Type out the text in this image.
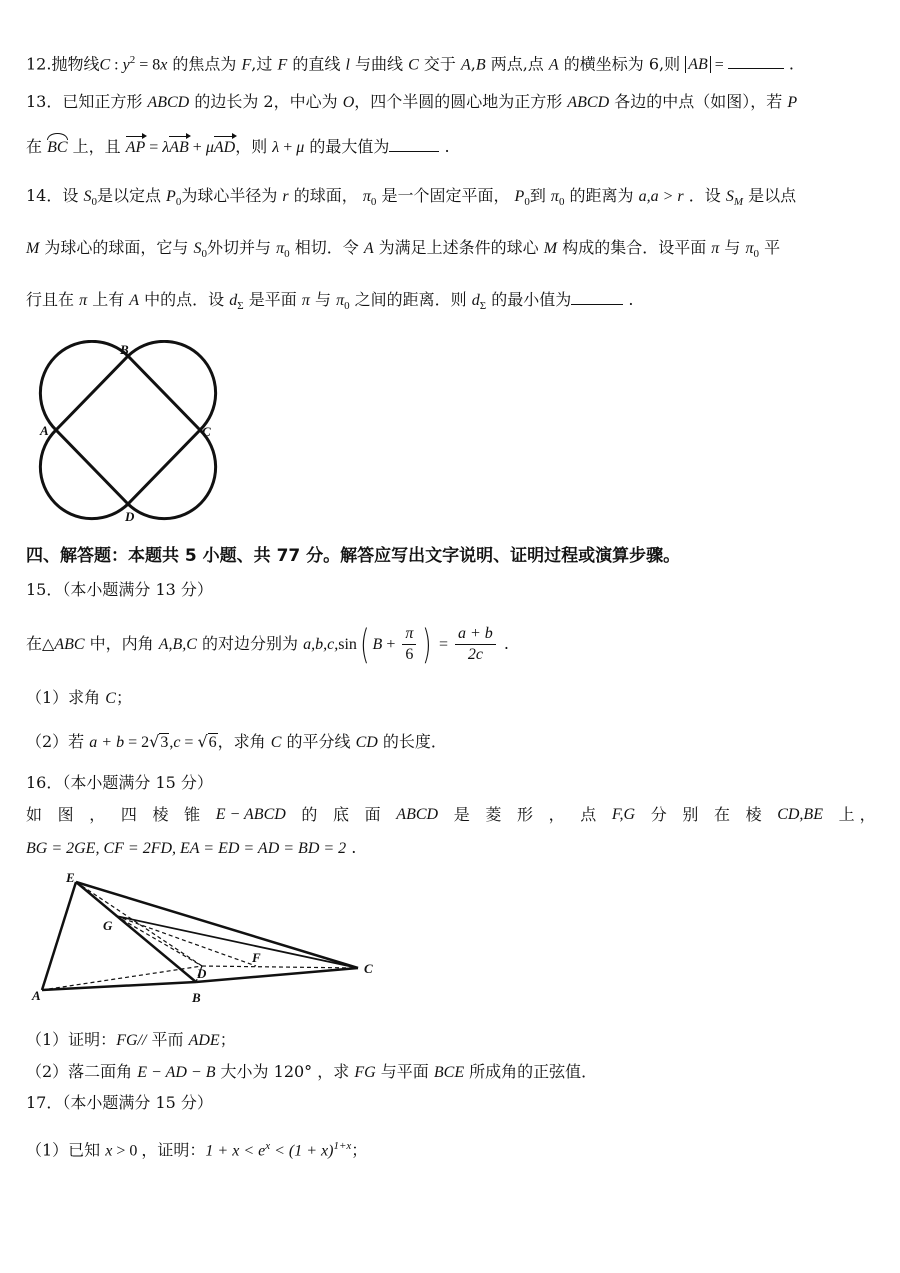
12.抛物线C : $y^2 = 8x$ 的焦点为 F,过 F 的直线 l 与曲线 C 交于 A,B 两点,点 A 的横坐标为 6,则 AB =	.
13．已知正方形 ABCD 的边长为 2，中心为 O，四个半圆的圆心地为正方形 ABCD 各边的中点（如图），若 P
在 BC 上，且 AP = λAB + μAD，则 λ + μ 的最大值为	.
14．设 $S_0$是以定点 $P_0$为球心半径为 r 的球面， $\pi_0$ 是一个固定平面， $P_0$到 $\pi_0$ 的距离为 a,a > r ．设 $S_M$ 是以点
M 为球心的球面，它与 $S_0$外切并与 $\pi_0$ 相切．令 A 为满足上述条件的球心 M 构成的集合．设平面 π 与 $\pi_0$ 平
行且在 π 上有 A 中的点．设 $d_\Sigma$ 是平面 π 与 $\pi_0$ 之间的距离．则 $d_\Sigma$ 的最小值为	.
B
A	C
D
四、解答题：本题共 5 小题、共 77 分。解答应写出文字说明、证明过程或演算步骤。
15．（本小题满分 13 分）
在△ABC 中，内角 A,B,C 的对边分别为 a,b,c,sin( $B + \frac{\pi}{6}$ ) = $\frac{a + b}{2c}$ .
（1）求角 C；
（2）若 a + b = 2√3,c = √6，求角 C 的平分线 CD 的长度．
16．（本小题满分 15 分）
如 图 ， 四 棱 锥 E − ABCD 的 底 面 ABCD 是 菱 形 ， 点 F,G 分 别 在 棱 CD,BE 上 ，
BG = 2GE, CF = 2FD, EA = ED = AD = BD = 2 .
E
G
D
F
C
A	B
（1）证明：FG// 平而 ADE；
（2）落二面角 E − AD − B 大小为 120° ，求 FG 与平面 BCE 所成角的正弦值．
17．（本小题满分 15 分）
（1）已知 x > 0 ，证明：$1 + x < e^x < (1 + x)^{1+x}$；
